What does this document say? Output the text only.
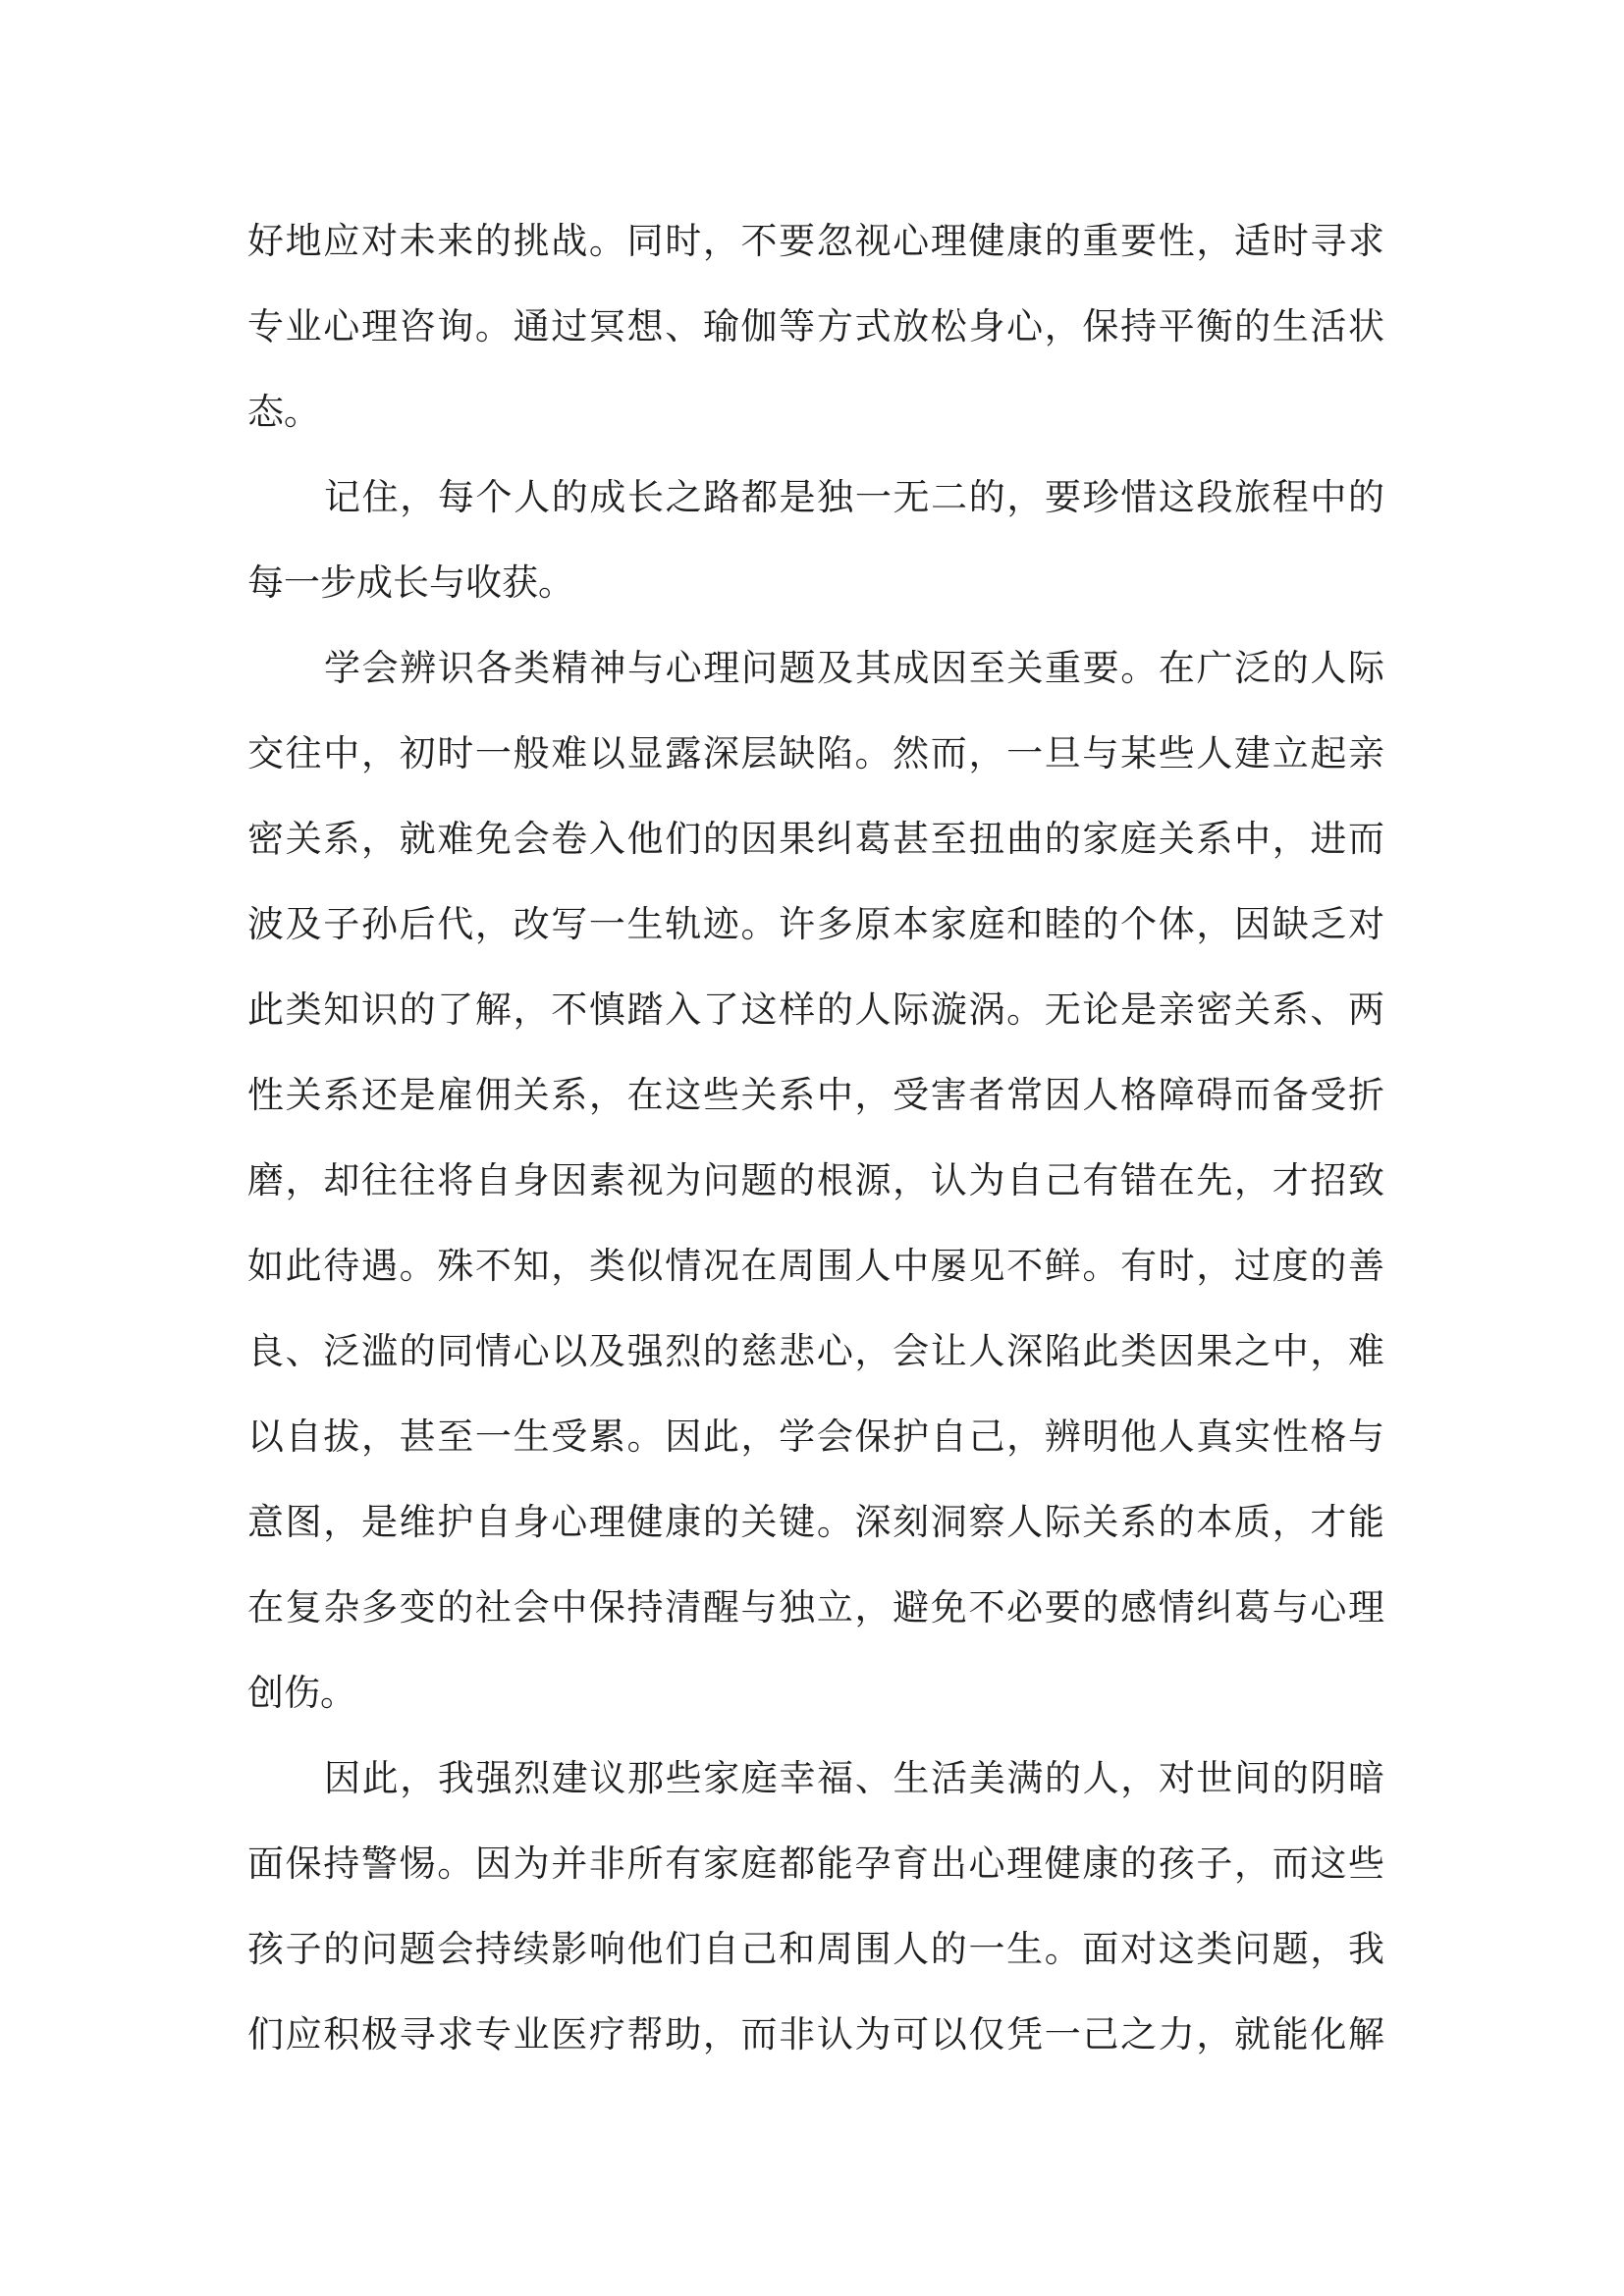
好地应对未来的挑战。同时，不要忽视心理健康的重要性，适时寻求
专业心理咨询。通过冥想、瑜伽等方式放松身心，保持平衡的生活状
态。
记住，每个人的成长之路都是独一无二的，要珍惜这段旅程中的
每一步成长与收获。
学会辨识各类精神与心理问题及其成因至关重要。在广泛的人际
交往中，初时一般难以显露深层缺陷。然而，一旦与某些人建立起亲
密关系，就难免会卷入他们的因果纠葛甚至扭曲的家庭关系中，进而
波及子孙后代，改写一生轨迹。许多原本家庭和睦的个体，因缺乏对
此类知识的了解，不慎踏入了这样的人际漩涡。无论是亲密关系、两
性关系还是雇佣关系，在这些关系中，受害者常因人格障碍而备受折
磨，却往往将自身因素视为问题的根源，认为自己有错在先，才招致
如此待遇。殊不知，类似情况在周围人中屡见不鲜。有时，过度的善
良、泛滥的同情心以及强烈的慈悲心，会让人深陷此类因果之中，难
以自拔，甚至一生受累。因此，学会保护自己，辨明他人真实性格与
意图，是维护自身心理健康的关键。深刻洞察人际关系的本质，才能
在复杂多变的社会中保持清醒与独立，避免不必要的感情纠葛与心理
创伤。
因此，我强烈建议那些家庭幸福、生活美满的人，对世间的阴暗
面保持警惕。因为并非所有家庭都能孕育出心理健康的孩子，而这些
孩子的问题会持续影响他们自己和周围人的一生。面对这类问题，我
们应积极寻求专业医疗帮助，而非认为可以仅凭一己之力，就能化解
